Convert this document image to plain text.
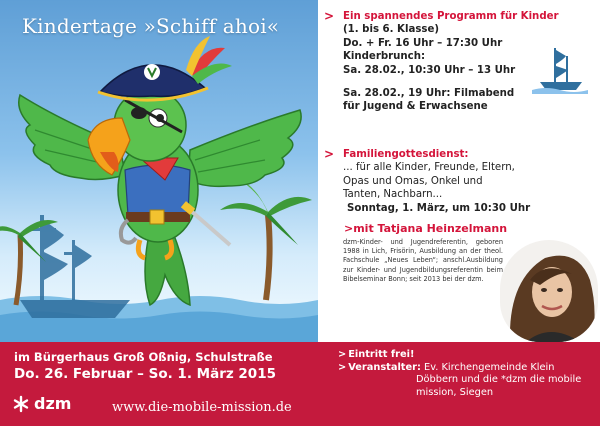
Kindertage »Schiff ahoi«	> Ein spannendes Programm für Kinder
(1. bis 6. Klasse)
Do. + Fr. 16 Uhr – 17:30 Uhr
Kinderbrunch:
Sa. 28.02., 10:30 Uhr – 13 Uhr
Sa. 28.02., 19 Uhr: Filmabend
für Jugend & Erwachsene
> Familiengottesdienst:
... für alle Kinder, Freunde, Eltern,
Opas und Omas, Onkel und
Tanten, Nachbarn...
Sonntag, 1. März, um 10:30 Uhr
>mit Tatjana Heinzelmann
dzm-Kinder- und Jugendreferentin, geboren 1988 in Lich, Frisörin, Ausbildung an der theol. Fachschule „Neues Leben“; anschl.Ausbildung zur Kinder- und Jugendbildungsreferentin beim Bibelseminar Bonn; seit 2013 bei der dzm.
im Bürgerhaus Groß Oßnig, Schulstraße
Do. 26. Februar – So. 1. März 2015
dzm	www.die-mobile-mission.de
> Eintritt frei!
> Veranstalter: Ev. Kirchengemeinde Klein
Döbbern und die *dzm die mobile
mission, Siegen
